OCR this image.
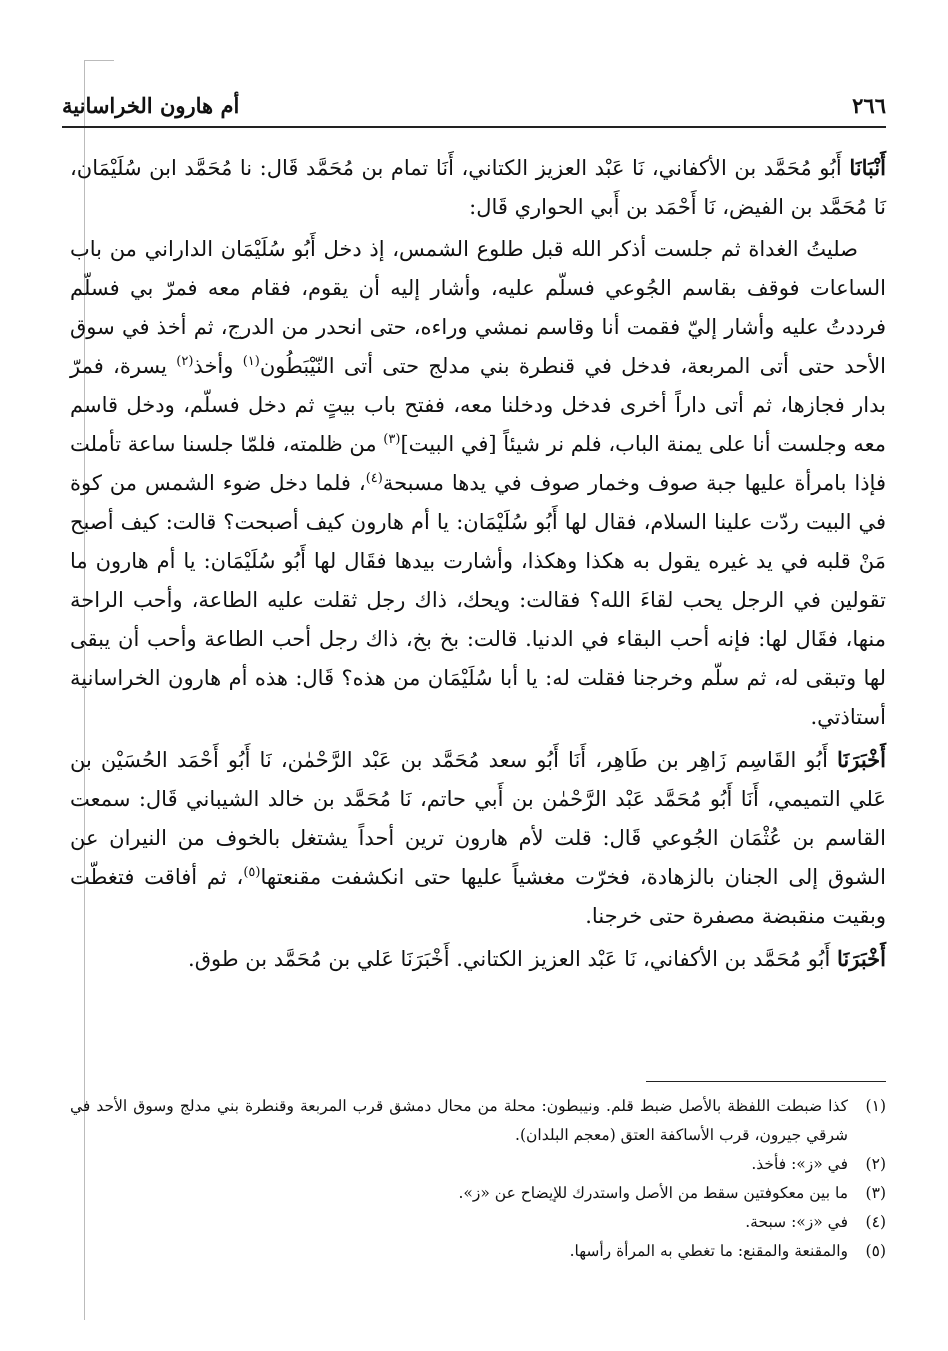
٢٦٦
أم هارون الخراسانية

أَنْبَانَا أَبُو مُحَمَّد بن الأكفاني، نَا عَبْد العزيز الكتاني، أَنَا تمام بن مُحَمَّد قَال: نا مُحَمَّد ابن سُلَيْمَان، نَا مُحَمَّد بن الفيض، نَا أَحْمَد بن أَبي الحواري قَال:

صليتُ الغداة ثم جلست أذكر الله قبل طلوع الشمس، إذ دخل أَبُو سُلَيْمَان الداراني من باب الساعات فوقف بقاسم الجُوعي فسلّم عليه، وأشار إليه أن يقوم، فقام معه فمرّ بي فسلّم فرددتُ عليه وأشار إليّ فقمت أنا وقاسم نمشي وراءه، حتى انحدر من الدرج، ثم أخذ في سوق الأحد حتى أتى المربعة، فدخل في قنطرة بني مدلج حتى أتى النّيْبَطُون$^{(١)}$ وأخذ$^{(٢)}$ يسرة، فمرّ بدار فجازها، ثم أتى داراً أخرى فدخل ودخلنا معه، ففتح باب بيتٍ ثم دخل فسلّم، ودخل قاسم معه وجلست أنا على يمنة الباب، فلم نر شيئاً [في البيت]$^{(٣)}$ من ظلمته، فلمّا جلسنا ساعة تأملت فإذا بامرأة عليها جبة صوف وخمار صوف في يدها مسبحة$^{(٤)}$، فلما دخل ضوء الشمس من كوة في البيت ردّت علينا السلام، فقال لها أَبُو سُلَيْمَان: يا أم هارون كيف أصبحت؟ قالت: كيف أصبح مَنْ قلبه في يد غيره يقول به هكذا وهكذا، وأشارت بيدها فقَال لها أَبُو سُلَيْمَان: يا أم هارون ما تقولين في الرجل يحب لقاءَ الله؟ فقالت: ويحك، ذاك رجل ثقلت عليه الطاعة، وأحب الراحة منها، فقَال لها: فإنه أحب البقاء في الدنيا. قالت: بخ بخ، ذاك رجل أحب الطاعة وأحب أن يبقى لها وتبقى له، ثم سلّم وخرجنا فقلت له: يا أبا سُلَيْمَان من هذه؟ قَال: هذه أم هارون الخراسانية أستاذتي.

أَخْبَرَنَا أَبُو القَاسِم زَاهِر بن طَاهِر، أَنَا أَبُو سعد مُحَمَّد بن عَبْد الرَّحْمٰن، نَا أَبُو أَحْمَد الحُسَيْن بن عَلي التميمي، أَنَا أَبُو مُحَمَّد عَبْد الرَّحْمٰن بن أَبي حاتم، نَا مُحَمَّد بن خالد الشيباني قَال: سمعت القاسم بن عُثْمَان الجُوعي قَال: قلت لأم هارون ترين أحداً يشتغل بالخوف من النيران عن الشوق إلى الجنان بالزهادة، فخرّت مغشياً عليها حتى انكشفت مقنعتها$^{(٥)}$، ثم أفاقت فتغطّت وبقيت منقبضة مصفرة حتى خرجنا.

أَخْبَرَنَا أَبُو مُحَمَّد بن الأكفاني، نَا عَبْد العزيز الكتاني. أَخْبَرَنَا عَلي بن مُحَمَّد بن طوق.

(١)
كذا ضبطت اللفظة بالأصل ضبط قلم. ونيبطون: محلة من محال دمشق قرب المربعة وقنطرة بني مدلج وسوق الأحد في شرقي جيرون، قرب الأساكفة العتق (معجم البلدان).
(٢)
في «ز»: فأخذ.
(٣)
ما بين معكوفتين سقط من الأصل واستدرك للإيضاح عن «ز».
(٤)
في «ز»: سبحة.
(٥)
والمقنعة والمقنع: ما تغطي به المرأة رأسها.
